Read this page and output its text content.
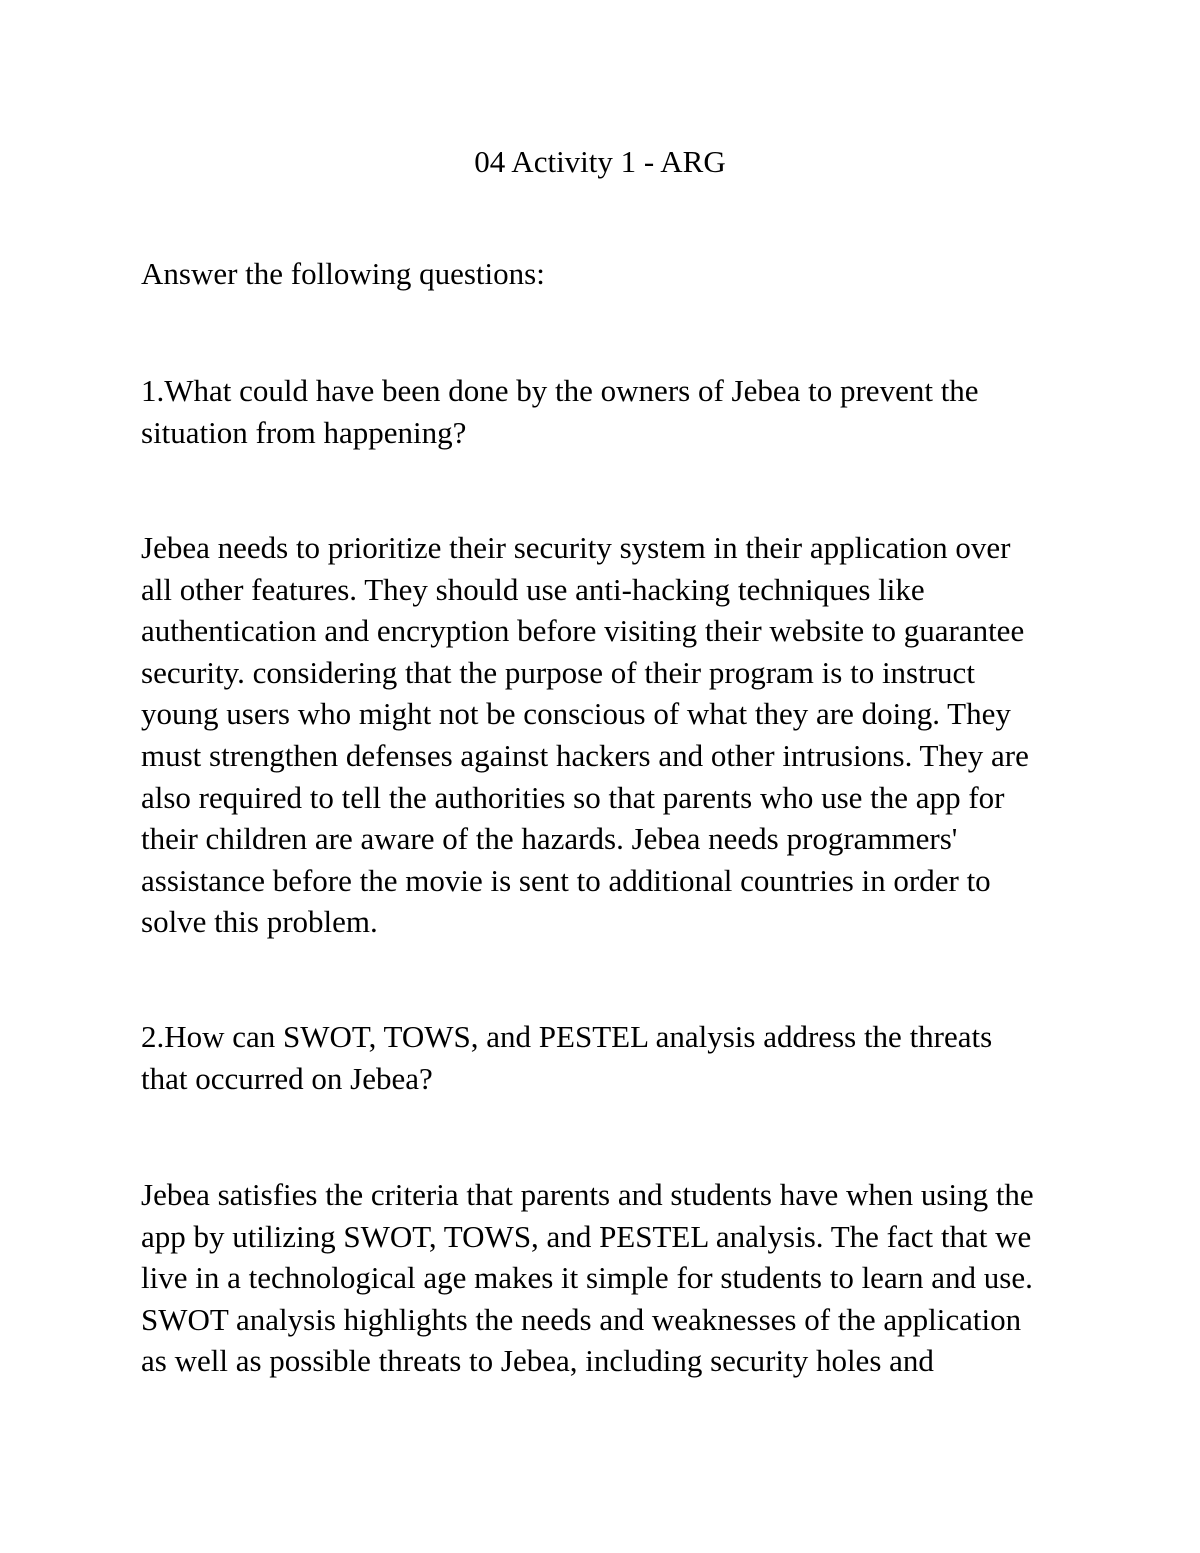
04 Activity 1 - ARG

Answer the following questions:

1.What could have been done by the owners of Jebea to prevent the
situation from happening?

Jebea needs to prioritize their security system in their application over
all other features. They should use anti-hacking techniques like
authentication and encryption before visiting their website to guarantee
security. considering that the purpose of their program is to instruct
young users who might not be conscious of what they are doing. They
must strengthen defenses against hackers and other intrusions. They are
also required to tell the authorities so that parents who use the app for
their children are aware of the hazards. Jebea needs programmers'
assistance before the movie is sent to additional countries in order to
solve this problem.

2.How can SWOT, TOWS, and PESTEL analysis address the threats
that occurred on Jebea?

Jebea satisfies the criteria that parents and students have when using the
app by utilizing SWOT, TOWS, and PESTEL analysis. The fact that we
live in a technological age makes it simple for students to learn and use.
SWOT analysis highlights the needs and weaknesses of the application
as well as possible threats to Jebea, including security holes and
